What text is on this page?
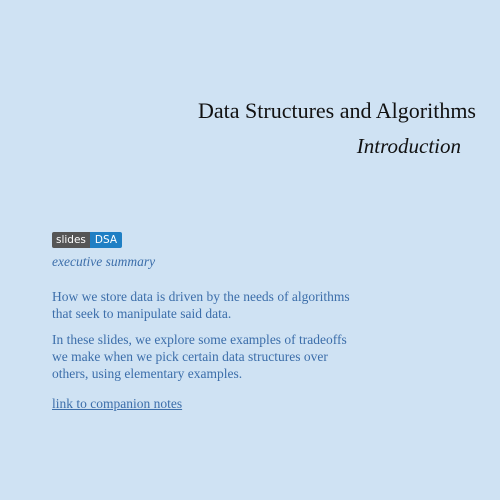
Data Structures and Algorithms
Introduction
slides DSA
executive summary

How we store data is driven by the needs of algorithms that seek to manipulate said data.

In these slides, we explore some examples of tradeoffs we make when we pick certain data structures over others, using elementary examples.

link to companion notes
